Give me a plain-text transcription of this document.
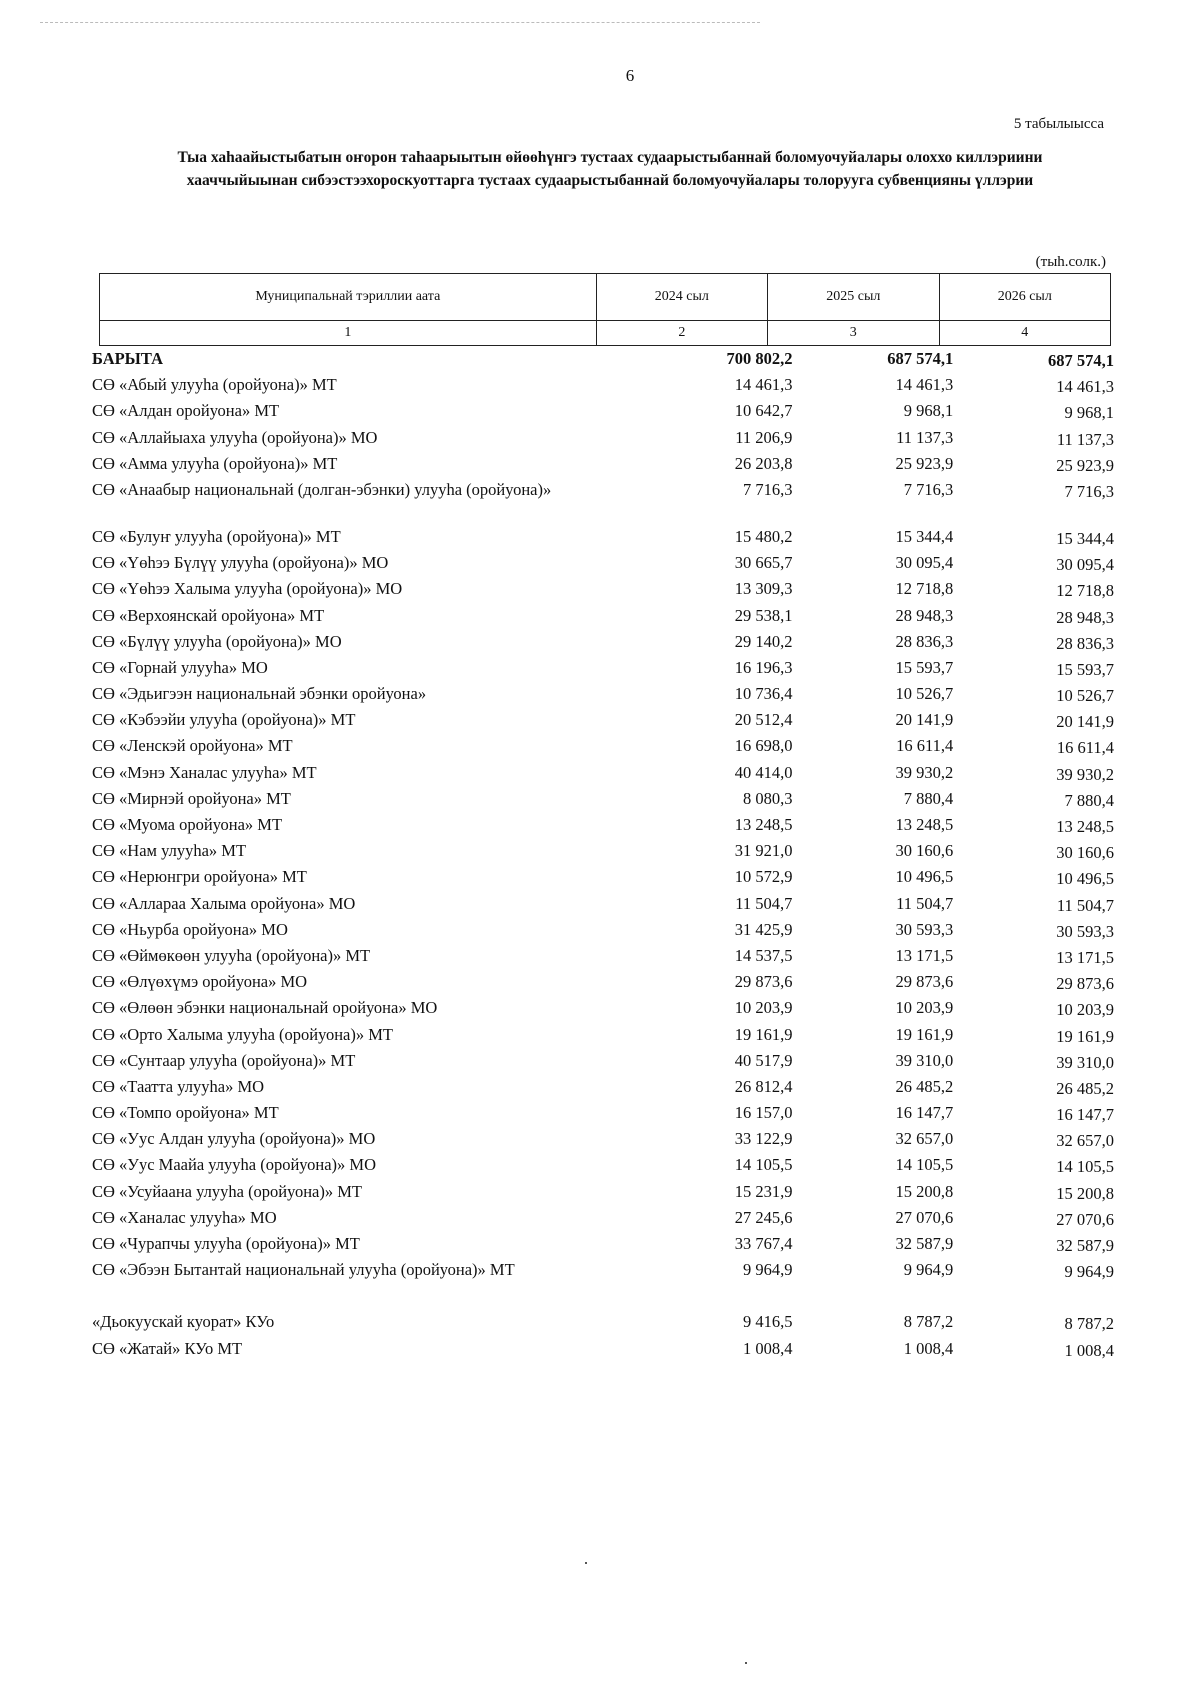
6
5 табылыысса
Тыа хаhаайыстыбатын оҥорон таhаарыытын өйөөhүнгэ тустаах судаарыстыбаннай боломуочуйалары олоххо киллэриини хааччыйыынан сибээстээхороскуоттарга тустаах судаарыстыбаннай боломуочуйалары толорууга субвенцияны үллэрии
(тыh.солк.)
Муниципальнай тэриллии аата	2024 сыл	2025 сыл	2026 сыл
1	2	3	4
БАРЫТА	700 802,2	687 574,1	687 574,1
СӨ «Абый улууhа (оройуона)» МТ	14 461,3	14 461,3	14 461,3
СӨ «Алдан оройуона» МТ	10 642,7	9 968,1	9 968,1
СӨ «Аллайыаха улууhа (оройуона)» МО	11 206,9	11 137,3	11 137,3
СӨ «Амма улууhа (оройуона)» МТ	26 203,8	25 923,9	25 923,9
СӨ «Анаабыр национальнай (долган-эбэнки) улууhа (оройуона)»	7 716,3	7 716,3	7 716,3
СӨ «Булуҥ улууhа (оройуона)» МТ	15 480,2	15 344,4	15 344,4
СӨ «Үөhээ Бүлүү улууhа (оройуона)» МО	30 665,7	30 095,4	30 095,4
СӨ «Үөhээ Халыма улууhа (оройуона)» МО	13 309,3	12 718,8	12 718,8
СӨ «Верхоянскай оройуона» МТ	29 538,1	28 948,3	28 948,3
СӨ «Бүлүү улууhа (оройуона)» МО	29 140,2	28 836,3	28 836,3
СӨ «Горнай улууhа» МО	16 196,3	15 593,7	15 593,7
СӨ «Эдьигээн национальнай эбэнки оройуона»	10 736,4	10 526,7	10 526,7
СӨ «Кэбээйи улууhа (оройуона)» МТ	20 512,4	20 141,9	20 141,9
СӨ «Ленскэй оройуона» МТ	16 698,0	16 611,4	16 611,4
СӨ «Мэнэ Ханалас улууhа» МТ	40 414,0	39 930,2	39 930,2
СӨ «Мирнэй оройуона» МТ	8 080,3	7 880,4	7 880,4
СӨ «Муома оройуона» МТ	13 248,5	13 248,5	13 248,5
СӨ «Нам улууhа» МТ	31 921,0	30 160,6	30 160,6
СӨ «Нерюнгри оройуона» МТ	10 572,9	10 496,5	10 496,5
СӨ «Аллараа Халыма оройуона» МО	11 504,7	11 504,7	11 504,7
СӨ «Ньурба оройуона» МО	31 425,9	30 593,3	30 593,3
СӨ «Өймөкөөн улууhа (оройуона)» МТ	14 537,5	13 171,5	13 171,5
СӨ «Өлүөхүмэ оройуона» МО	29 873,6	29 873,6	29 873,6
СӨ «Өлөөн эбэнки национальнай оройуона» МО	10 203,9	10 203,9	10 203,9
СӨ «Орто Халыма улууhа (оройуона)» МТ	19 161,9	19 161,9	19 161,9
СӨ «Сунтаар улууhа (оройуона)» МТ	40 517,9	39 310,0	39 310,0
СӨ «Таатта улууhа» МО	26 812,4	26 485,2	26 485,2
СӨ «Томпо оройуона» МТ	16 157,0	16 147,7	16 147,7
СӨ «Уус Алдан улууhа (оройуона)» МО	33 122,9	32 657,0	32 657,0
СӨ «Уус Маайа улууhа (оройуона)» МО	14 105,5	14 105,5	14 105,5
СӨ «Усуйаана улууhа (оройуона)» МТ	15 231,9	15 200,8	15 200,8
СӨ «Ханалас улууhа» МО	27 245,6	27 070,6	27 070,6
СӨ «Чурапчы улууhа (оройуона)» МТ	33 767,4	32 587,9	32 587,9
СӨ «Эбээн Бытантай национальнай улууhа (оройуона)» МТ	9 964,9	9 964,9	9 964,9
«Дьокуускай куорат» КУо	9 416,5	8 787,2	8 787,2
СӨ «Жатай» КУо МТ	1 008,4	1 008,4	1 008,4
